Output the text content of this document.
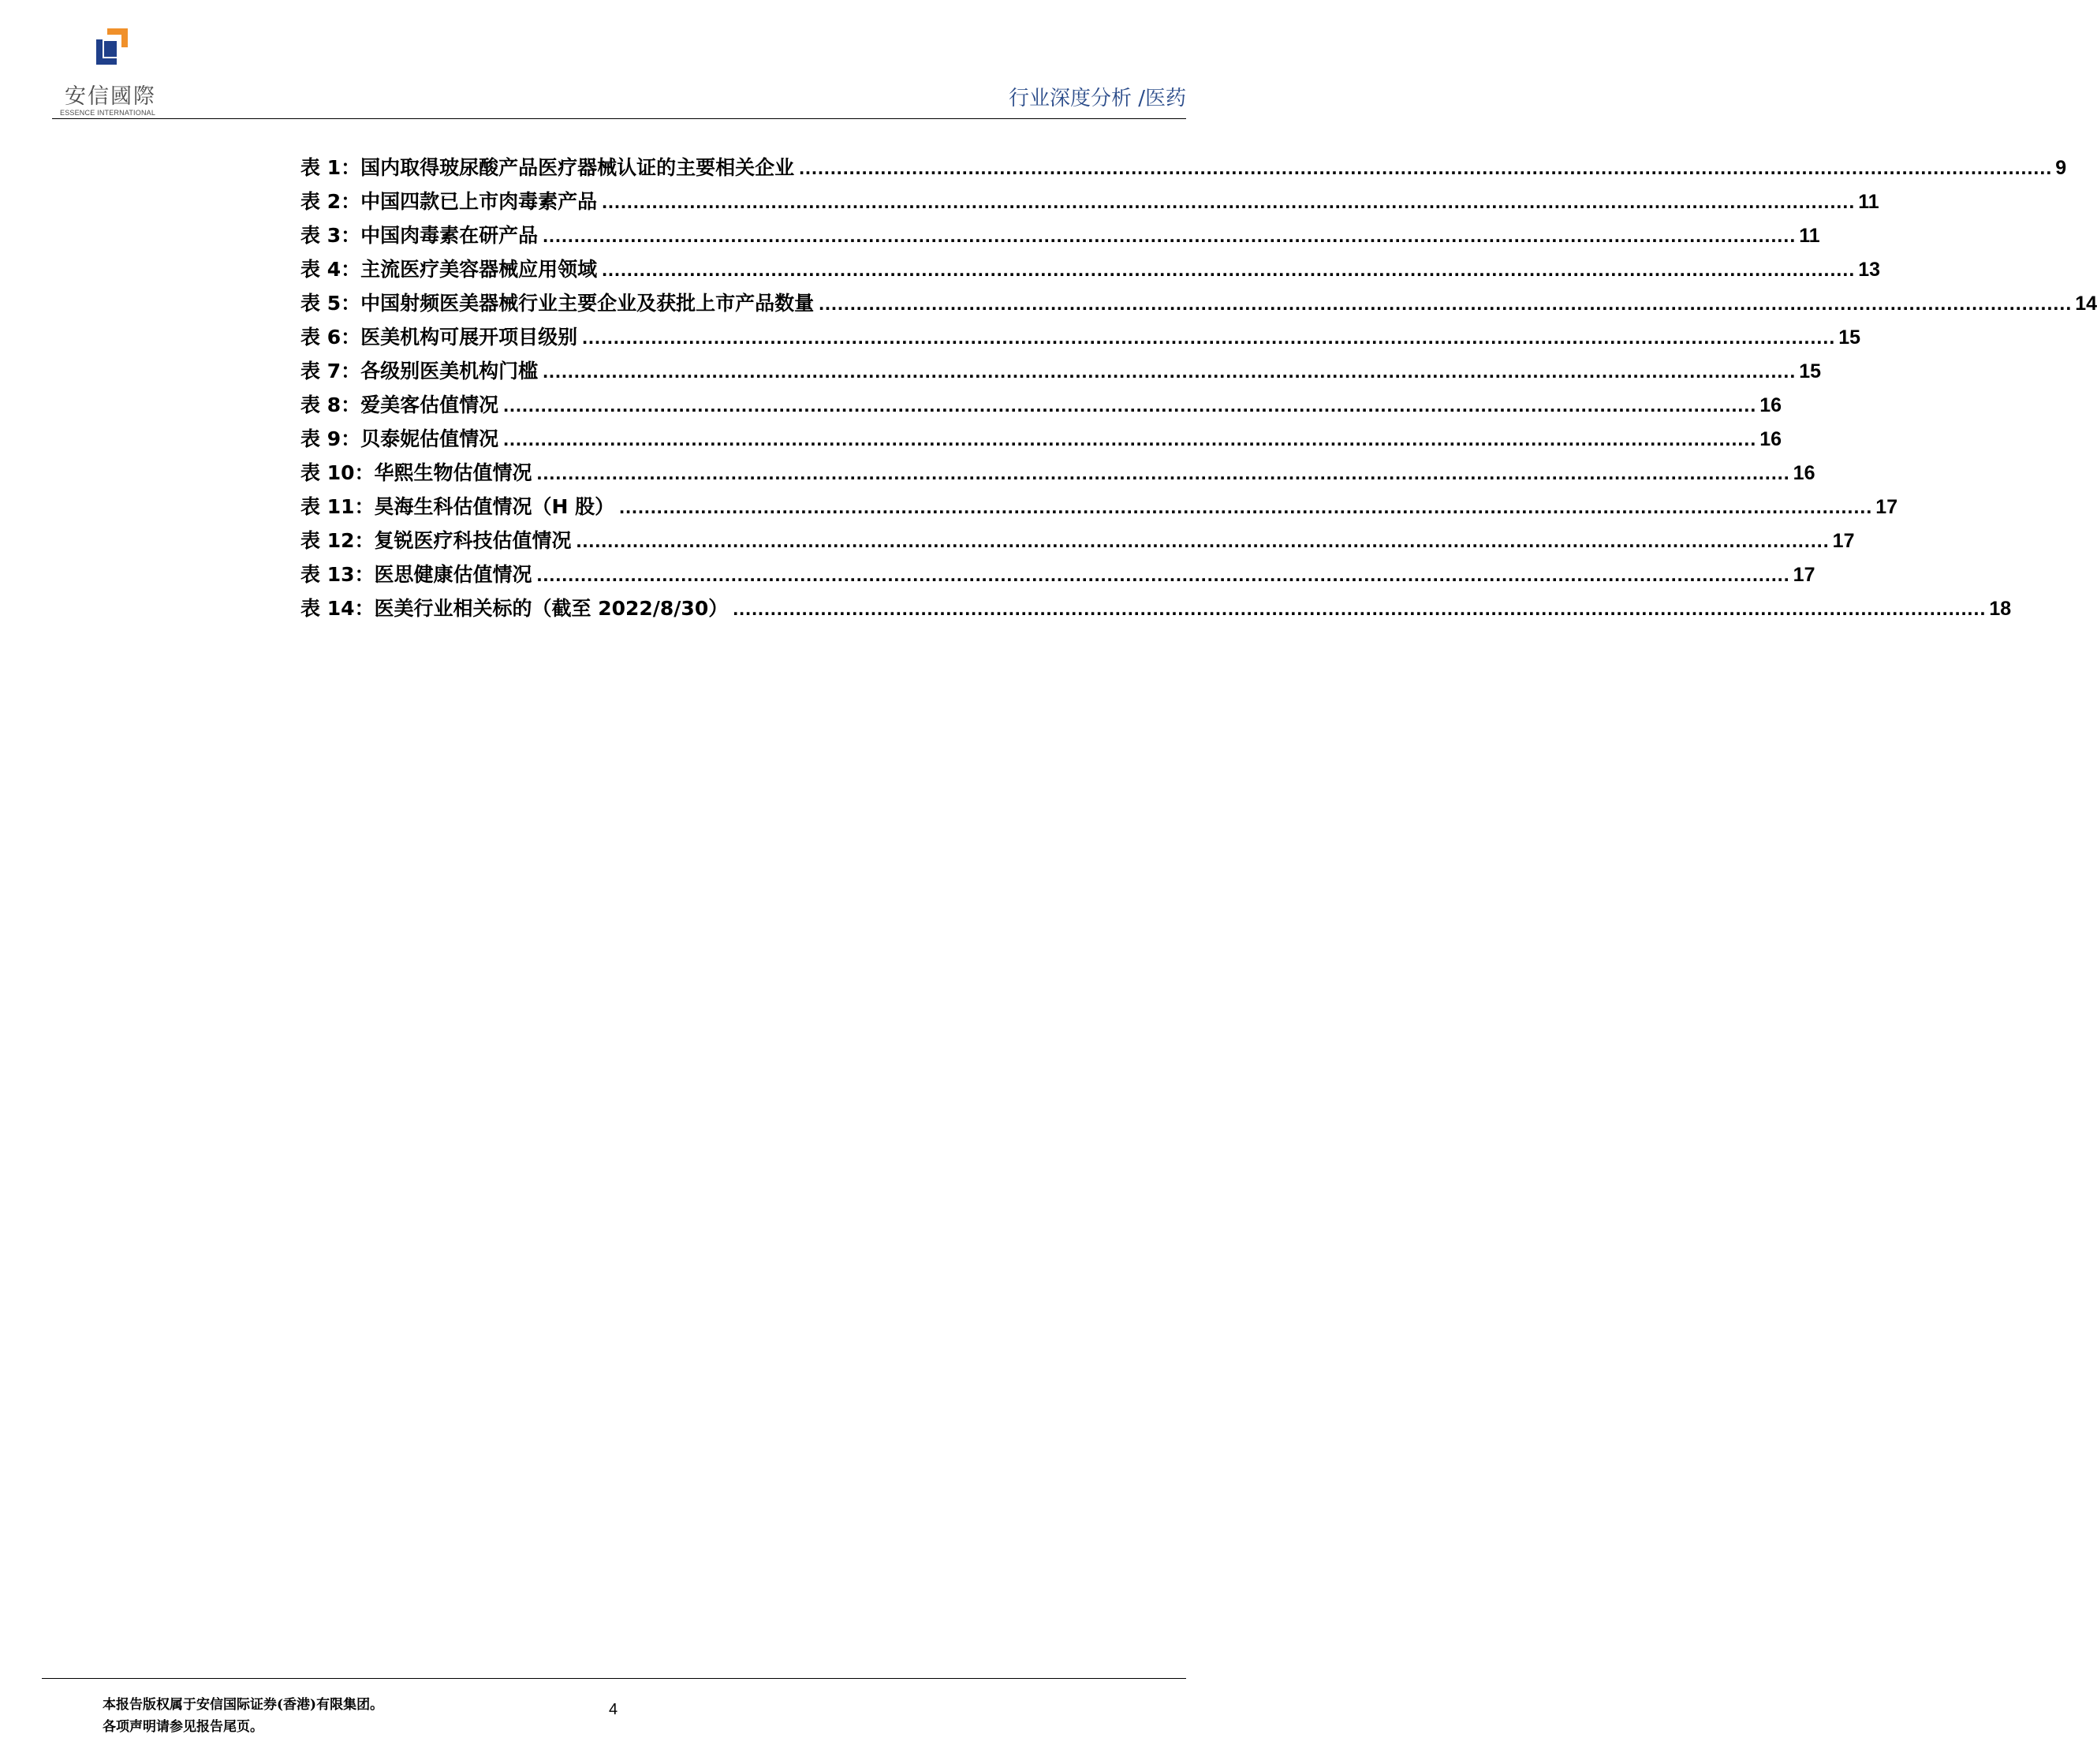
安信國際
ESSENCE INTERNATIONAL
行业深度分析 /医药
表 1：国内取得玻尿酸产品医疗器械认证的主要相关企业 ........................................................................................................................................................................................................ 9
表 2：中国四款已上市肉毒素产品 ........................................................................................................................................................................................................ 11
表 3：中国肉毒素在研产品 ........................................................................................................................................................................................................ 11
表 4：主流医疗美容器械应用领域 ........................................................................................................................................................................................................ 13
表 5：中国射频医美器械行业主要企业及获批上市产品数量 ........................................................................................................................................................................................................ 14
表 6：医美机构可展开项目级别 ........................................................................................................................................................................................................ 15
表 7：各级别医美机构门槛 ........................................................................................................................................................................................................ 15
表 8：爱美客估值情况 ........................................................................................................................................................................................................ 16
表 9：贝泰妮估值情况 ........................................................................................................................................................................................................ 16
表 10：华熙生物估值情况 ........................................................................................................................................................................................................ 16
表 11：昊海生科估值情况（H 股） ........................................................................................................................................................................................................ 17
表 12：复锐医疗科技估值情况 ........................................................................................................................................................................................................ 17
表 13：医思健康估值情况 ........................................................................................................................................................................................................ 17
表 14：医美行业相关标的（截至 2022/8/30） ........................................................................................................................................................................................................ 18
本报告版权属于安信国际证券(香港)有限集团。
各项声明请参见报告尾页。
4
